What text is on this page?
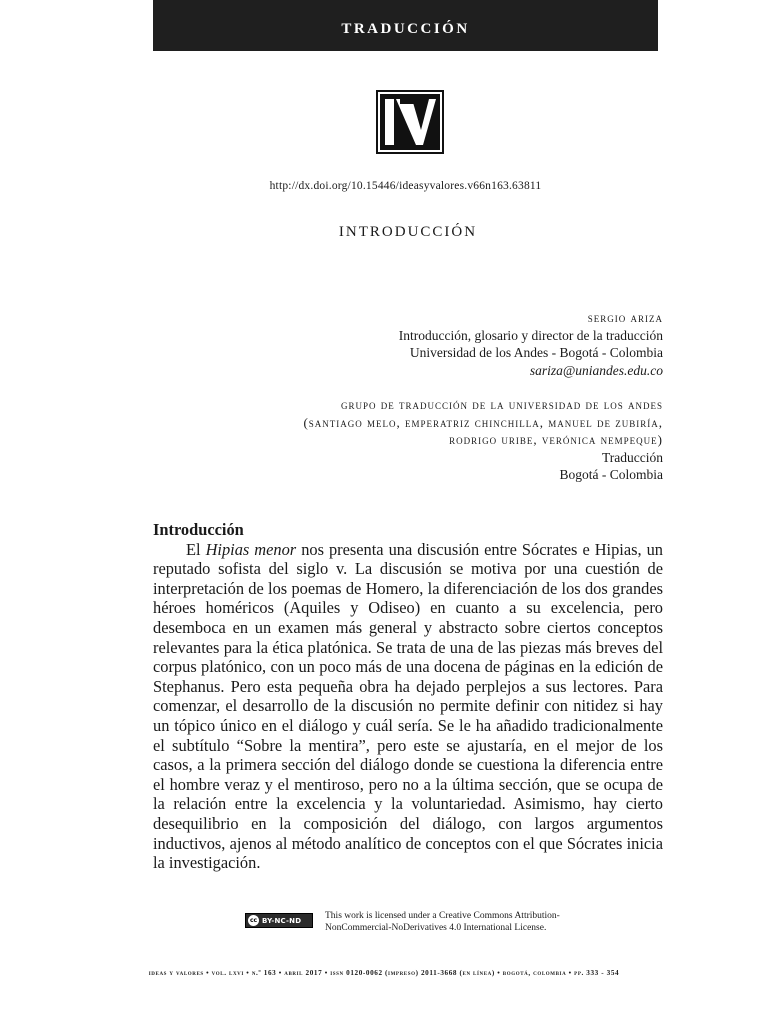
traducción
http://dx.doi.org/10.15446/ideasyvalores.v66n163.63811
introducción
sergio ariza
Introducción, glosario y director de la traducción
Universidad de los Andes - Bogotá - Colombia
sariza@uniandes.edu.co
grupo de traducción de la universidad de los andes
(santiago melo, emperatriz chinchilla, manuel de zubiría,
rodrigo uribe, verónica nempeque)
Traducción
Bogotá - Colombia
Introducción

El Hipias menor nos presenta una discusión entre Sócrates e Hipias, un reputado sofista del siglo v. La discusión se motiva por una cuestión de interpretación de los poemas de Homero, la diferenciación de los dos grandes héroes homéricos (Aquiles y Odiseo) en cuanto a su excelencia, pero desemboca en un examen más general y abstracto sobre ciertos conceptos relevantes para la ética platónica. Se trata de una de las piezas más breves del corpus platónico, con un poco más de una docena de páginas en la edición de Stephanus. Pero esta pequeña obra ha dejado perplejos a sus lectores. Para comenzar, el desarrollo de la discusión no permite definir con nitidez si hay un tópico único en el diálogo y cuál sería. Se le ha añadido tradicionalmente el subtítulo “Sobre la mentira”, pero este se ajustaría, en el mejor de los casos, a la primera sección del diálogo donde se cuestiona la diferencia entre el hombre veraz y el mentiroso, pero no a la última sección, que se ocupa de la relación entre la excelencia y la voluntariedad. Asimismo, hay cierto desequilibrio en la composición del diálogo, con largos argumentos inductivos, ajenos al método analítico de conceptos con el que Sócrates inicia la investigación.

cc BY-NC-ND	This work is licensed under a Creative Commons Attribution-
NonCommercial-NoDerivatives 4.0 International License.
ideas y valores • vol. lxvi • n.º 163 • abril 2017 • issn 0120-0062 (impreso) 2011-3668 (en línea) • bogotá, colombia • pp. 333 - 354
